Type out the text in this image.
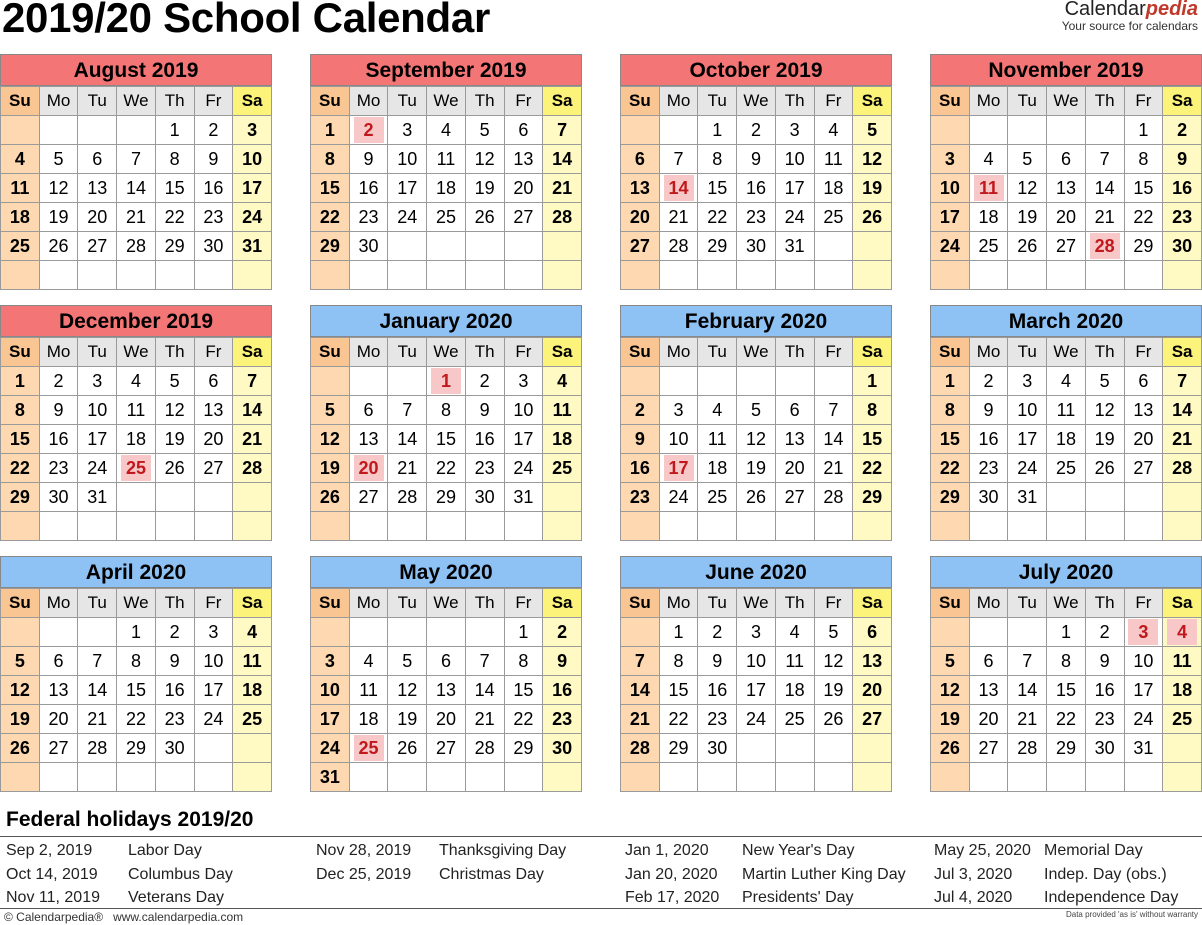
2019/20 School Calendar	Calendarpedia
Your source for calendars
August 2019
Su	Mo	Tu	We	Th	Fr	Sa
				1	2	3
4	5	6	7	8	9	10
11	12	13	14	15	16	17
18	19	20	21	22	23	24
25	26	27	28	29	30	31

September 2019
Su	Mo	Tu	We	Th	Fr	Sa
1	2	3	4	5	6	7
8	9	10	11	12	13	14
15	16	17	18	19	20	21
22	23	24	25	26	27	28
29	30					

October 2019
Su	Mo	Tu	We	Th	Fr	Sa
		1	2	3	4	5
6	7	8	9	10	11	12
13	14	15	16	17	18	19
20	21	22	23	24	25	26
27	28	29	30	31		

November 2019
Su	Mo	Tu	We	Th	Fr	Sa
					1	2
3	4	5	6	7	8	9
10	11	12	13	14	15	16
17	18	19	20	21	22	23
24	25	26	27	28	29	30

December 2019
Su	Mo	Tu	We	Th	Fr	Sa
1	2	3	4	5	6	7
8	9	10	11	12	13	14
15	16	17	18	19	20	21
22	23	24	25	26	27	28
29	30	31				

January 2020
Su	Mo	Tu	We	Th	Fr	Sa
			1	2	3	4
5	6	7	8	9	10	11
12	13	14	15	16	17	18
19	20	21	22	23	24	25
26	27	28	29	30	31	

February 2020
Su	Mo	Tu	We	Th	Fr	Sa
						1
2	3	4	5	6	7	8
9	10	11	12	13	14	15
16	17	18	19	20	21	22
23	24	25	26	27	28	29

March 2020
Su	Mo	Tu	We	Th	Fr	Sa
1	2	3	4	5	6	7
8	9	10	11	12	13	14
15	16	17	18	19	20	21
22	23	24	25	26	27	28
29	30	31				

April 2020
Su	Mo	Tu	We	Th	Fr	Sa
			1	2	3	4
5	6	7	8	9	10	11
12	13	14	15	16	17	18
19	20	21	22	23	24	25
26	27	28	29	30		

May 2020
Su	Mo	Tu	We	Th	Fr	Sa
					1	2
3	4	5	6	7	8	9
10	11	12	13	14	15	16
17	18	19	20	21	22	23
24	25	26	27	28	29	30
31						
June 2020
Su	Mo	Tu	We	Th	Fr	Sa
	1	2	3	4	5	6
7	8	9	10	11	12	13
14	15	16	17	18	19	20
21	22	23	24	25	26	27
28	29	30				

July 2020
Su	Mo	Tu	We	Th	Fr	Sa
			1	2	3	4
5	6	7	8	9	10	11
12	13	14	15	16	17	18
19	20	21	22	23	24	25
26	27	28	29	30	31	

Federal holidays 2019/20
Sep 2, 2019 Labor Day
Oct 14, 2019 Columbus Day
Nov 11, 2019 Veterans Day
Nov 28, 2019 Thanksgiving Day
Dec 25, 2019 Christmas Day
Jan 1, 2020 New Year's Day
Jan 20, 2020 Martin Luther King Day
Feb 17, 2020 Presidents' Day
May 25, 2020 Memorial Day
Jul 3, 2020 Indep. Day (obs.)
Jul 4, 2020 Independence Day
© Calendarpedia® www.calendarpedia.com	Data provided 'as is' without warranty
